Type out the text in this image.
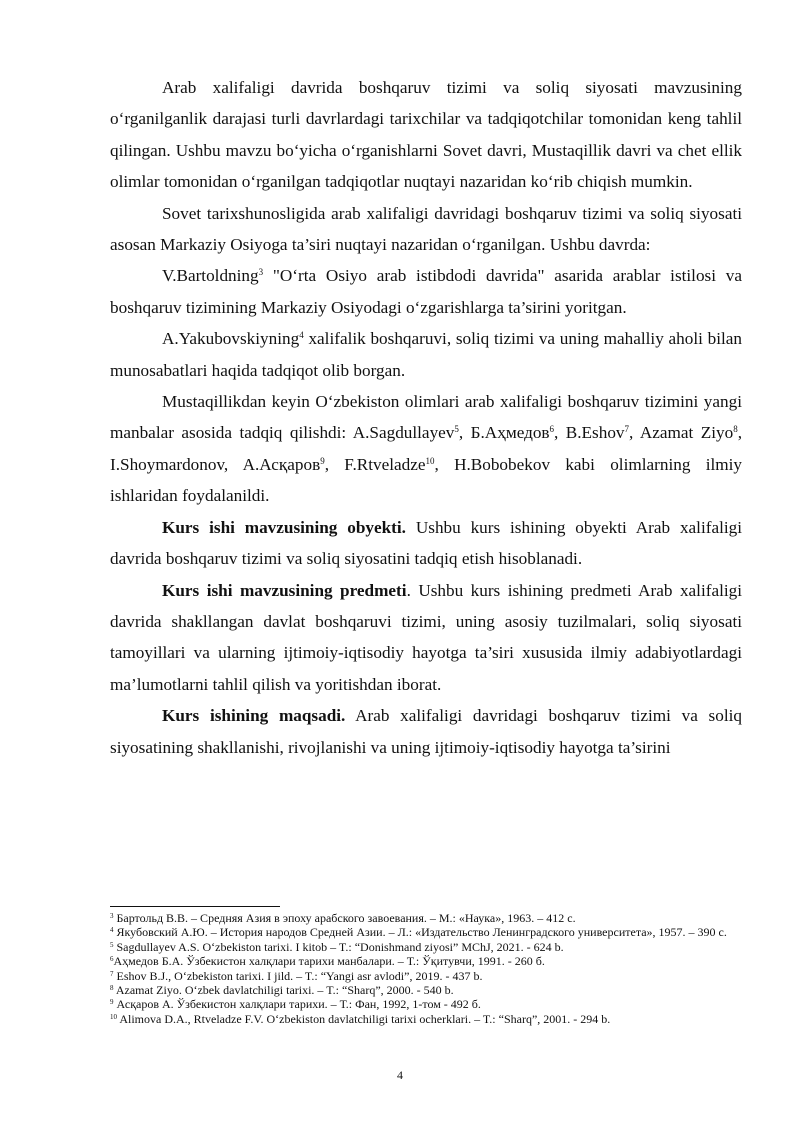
Arab xalifaligi davrida boshqaruv tizimi va soliq siyosati mavzusining o‘rganilganlik darajasi turli davrlardagi tarixchilar va tadqiqotchilar tomonidan keng tahlil qilingan. Ushbu mavzu bo‘yicha o‘rganishlarni Sovet davri, Mustaqillik davri va chet ellik olimlar tomonidan o‘rganilgan tadqiqotlar nuqtayi nazaridan ko‘rib chiqish mumkin.

Sovet tarixshunosligida arab xalifaligi davridagi boshqaruv tizimi va soliq siyosati asosan Markaziy Osiyoga ta’siri nuqtayi nazaridan o‘rganilgan. Ushbu davrda:

V.Bartoldning$^3$ "O‘rta Osiyo arab istibdodi davrida" asarida arablar istilosi va boshqaruv tizimining Markaziy Osiyodagi o‘zgarishlarga ta’sirini yoritgan.

A.Yakubovskiyning$^4$ xalifalik boshqaruvi, soliq tizimi va uning mahalliy aholi bilan munosabatlari haqida tadqiqot olib borgan.

Mustaqillikdan keyin O‘zbekiston olimlari arab xalifaligi boshqaruv tizimini yangi manbalar asosida tadqiq qilishdi: A.Sagdullayev$^5$, Б.Аҳмедов$^6$, B.Eshov$^7$, Azamat Ziyo$^8$, I.Shoymardonov, A.Асқаров$^9$, F.Rtveladze$^{10}$, H.Bobobekov kabi olimlarning ilmiy ishlaridan foydalanildi.

Kurs ishi mavzusining obyekti. Ushbu kurs ishining obyekti Arab xalifaligi davrida boshqaruv tizimi va soliq siyosatini tadqiq etish hisoblanadi.

Kurs ishi mavzusining predmeti. Ushbu kurs ishining predmeti Arab xalifaligi davrida shakllangan davlat boshqaruvi tizimi, uning asosiy tuzilmalari, soliq siyosati tamoyillari va ularning ijtimoiy-iqtisodiy hayotga ta’siri xususida ilmiy adabiyotlardagi ma’lumotlarni tahlil qilish va yoritishdan iborat.

Kurs ishining maqsadi. Arab xalifaligi davridagi boshqaruv tizimi va soliq siyosatining shakllanishi, rivojlanishi va uning ijtimoiy-iqtisodiy hayotga ta’sirini

$^3$ Бартольд В.В. – Средняя Азия в эпоху арабского завоевания. – М.: «Наука», 1963. – 412 с.

$^4$ Якубовский А.Ю. – История народов Средней Азии. – Л.: «Издательство Ленинградского университета», 1957. – 390 с.

$^5$ Sagdullayev A.S. O‘zbekiston tarixi. I kitob – T.: “Donishmand ziyosi” MChJ, 2021. - 624 b.

$^6$Аҳмедов Б.А. Ўзбекистон халқлари тарихи манбалари. – Т.: Ўқитувчи, 1991. - 260 б.

$^7$ Eshov B.J., O‘zbekiston tarixi. I jild. – T.: “Yangi asr avlodi”, 2019. - 437 b.

$^8$ Azamat Ziyo. O‘zbek davlatchiligi tarixi. – T.: “Sharq”, 2000. - 540 b.

$^9$ Асқаров А. Ўзбекистон халқлари тарихи. – Т.: Фан, 1992, 1-том - 492 б.

$^{10}$ Alimova D.A., Rtveladze F.V. O‘zbekiston davlatchiligi tarixi ocherklari. – T.: “Sharq”, 2001. - 294 b.

4
